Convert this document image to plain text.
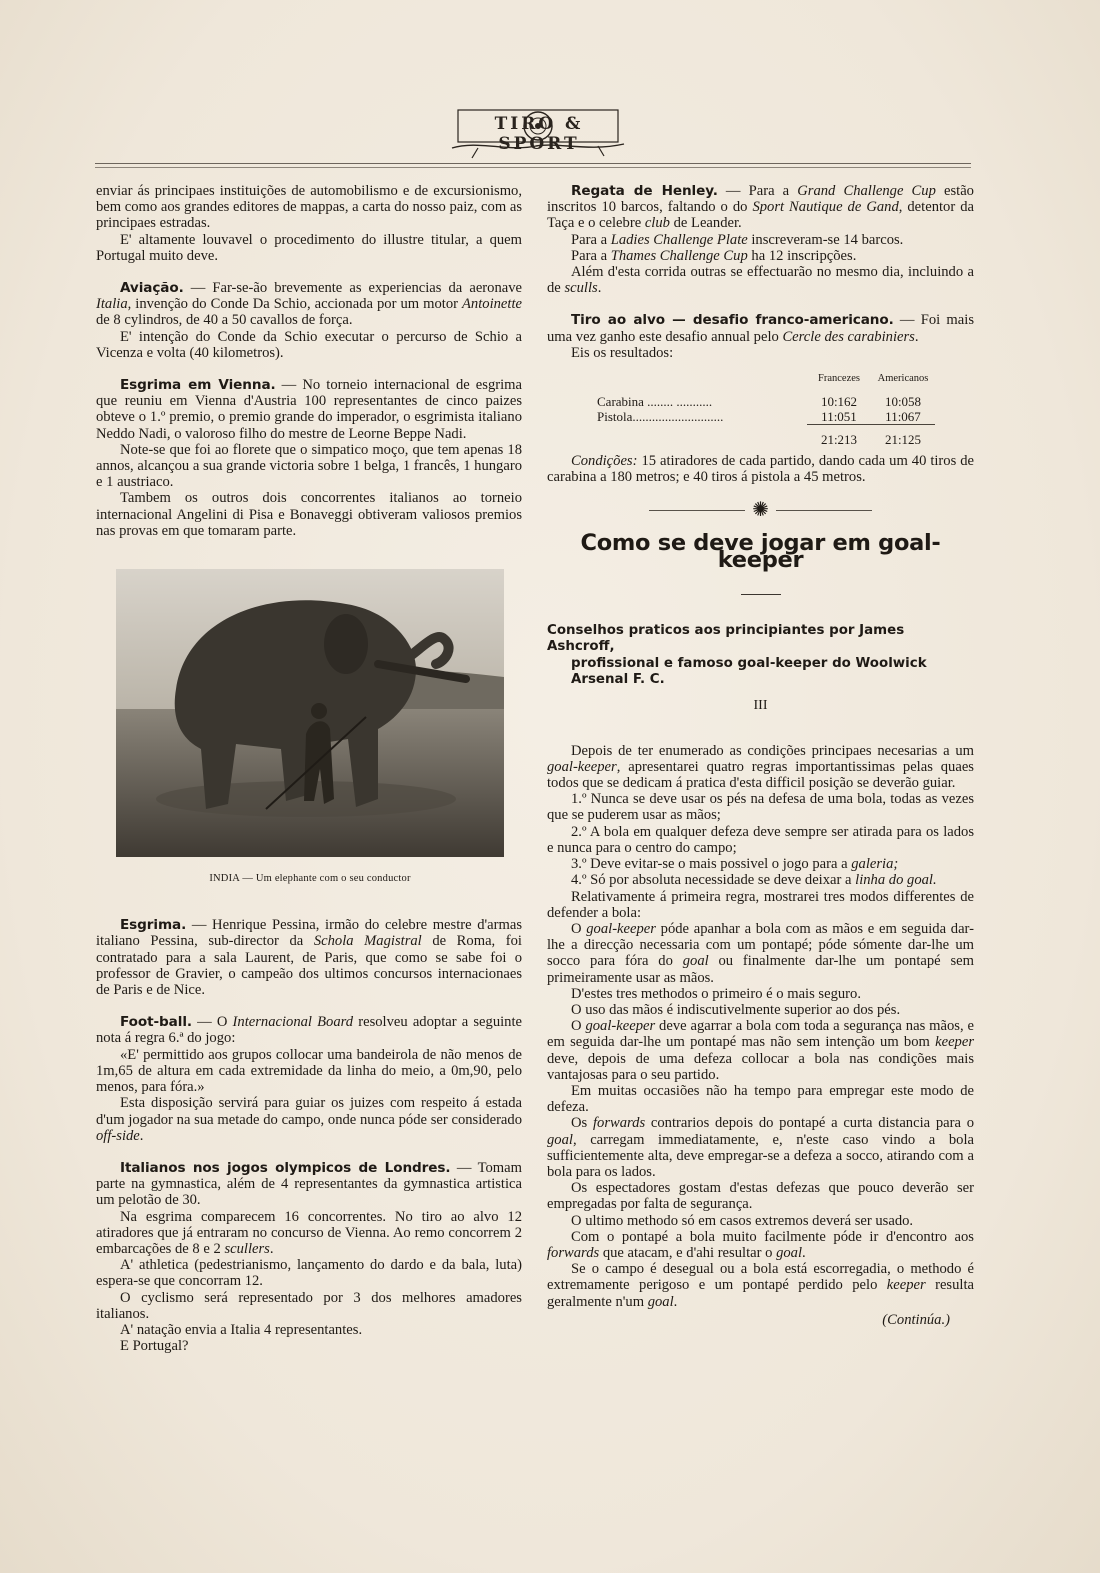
TIRO & SPORT

enviar ás principaes instituições de automobilismo e de excursionismo, bem como aos grandes editores de mappas, a carta do nosso paiz, com as principaes estradas.

E' altamente louvavel o procedimento do illustre titular, a quem Portugal muito deve.

Aviação. — Far-se-ão brevemente as experiencias da aeronave Italia, invenção do Conde Da Schio, accionada por um motor Antoinette de 8 cylindros, de 40 a 50 cavallos de força.

E' intenção do Conde da Schio executar o percurso de Schio a Vicenza e volta (40 kilometros).

Esgrima em Vienna. — No torneio internacional de esgrima que reuniu em Vienna d'Austria 100 representantes de cinco paizes obteve o 1.º premio, o premio grande do imperador, o esgrimista italiano Neddo Nadi, o valoroso filho do mestre de Leorne Beppe Nadi.

Note-se que foi ao florete que o simpatico moço, que tem apenas 18 annos, alcançou a sua grande victoria sobre 1 belga, 1 francês, 1 hungaro e 1 austriaco.

Tambem os outros dois concorrentes italianos ao torneio internacional Angelini di Pisa e Bonaveggi obtiveram valiosos premios nas provas em que tomaram parte.

INDIA — Um elephante com o seu conductor

Esgrima. — Henrique Pessina, irmão do celebre mestre d'armas italiano Pessina, sub-director da Schola Magistral de Roma, foi contratado para a sala Laurent, de Paris, que como se sabe foi o professor de Gravier, o campeão dos ultimos concursos internacionaes de Paris e de Nice.

Foot-ball. — O Internacional Board resolveu adoptar a seguinte nota á regra 6.ª do jogo:

«E' permittido aos grupos collocar uma bandeirola de não menos de 1m,65 de altura em cada extremidade da linha do meio, a 0m,90, pelo menos, para fóra.»

Esta disposição servirá para guiar os juizes com respeito á estada d'um jogador na sua metade do campo, onde nunca póde ser considerado off-side.

Italianos nos jogos olympicos de Londres. — Tomam parte na gymnastica, além de 4 representantes da gymnastica artistica um pelotão de 30.

Na esgrima comparecem 16 concorrentes. No tiro ao alvo 12 atiradores que já entraram no concurso de Vienna. Ao remo concorrem 2 embarcações de 8 e 2 scullers.

A' athletica (pedestrianismo, lançamento do dardo e da bala, luta) espera-se que concorram 12.

O cyclismo será representado por 3 dos melhores amadores italianos.

A' natação envia a Italia 4 representantes.

E Portugal?

Regata de Henley. — Para a Grand Challenge Cup estão inscritos 10 barcos, faltando o do Sport Nautique de Gand, detentor da Taça e o celebre club de Leander.

Para a Ladies Challenge Plate inscreveram-se 14 barcos.

Para a Thames Challenge Cup ha 12 inscripções.

Além d'esta corrida outras se effectuarão no mesmo dia, incluindo a de sculls.

Tiro ao alvo — desafio franco-americano. — Foi mais uma vez ganho este desafio annual pelo Cercle des carabiniers.

Eis os resultados:

	Francezes	Americanos
Carabina ........ ...........	10:162	10:058
Pistola............................	11:051	11:067
	21:213	21:125

Condições: 15 atiradores de cada partido, dando cada um 40 tiros de carabina a 180 metros; e 40 tiros á pistola a 45 metros.

✺
Como se deve jogar em goal-keeper
Conselhos praticos aos principiantes por James Ashcroff,
profissional e famoso goal-keeper do Woolwick Arsenal F. C.
III

Depois de ter enumerado as condições principaes necesarias a um goal-keeper, apresentarei quatro regras importantissimas pelas quaes todos que se dedicam á pratica d'esta difficil posição se deverão guiar.

1.º Nunca se deve usar os pés na defesa de uma bola, todas as vezes que se puderem usar as mãos;

2.º A bola em qualquer defeza deve sempre ser atirada para os lados e nunca para o centro do campo;

3.º Deve evitar-se o mais possivel o jogo para a galeria;

4.º Só por absoluta necessidade se deve deixar a linha do goal.

Relativamente á primeira regra, mostrarei tres modos differentes de defender a bola:

O goal-keeper póde apanhar a bola com as mãos e em seguida dar-lhe a direcção necessaria com um pontapé; póde sómente dar-lhe um socco para fóra do goal ou finalmente dar-lhe um pontapé sem primeiramente usar as mãos.

D'estes tres methodos o primeiro é o mais seguro.

O uso das mãos é indiscutivelmente superior ao dos pés.

O goal-keeper deve agarrar a bola com toda a segurança nas mãos, e em seguida dar-lhe um pontapé mas não sem intenção um bom keeper deve, depois de uma defeza collocar a bola nas condições mais vantajosas para o seu partido.

Em muitas occasiões não ha tempo para empregar este modo de defeza.

Os forwards contrarios depois do pontapé a curta distancia para o goal, carregam immediatamente, e, n'este caso vindo a bola sufficientemente alta, deve empregar-se a defeza a socco, atirando com a bola para os lados.

Os espectadores gostam d'estas defezas que pouco deverão ser empregadas por falta de segurança.

O ultimo methodo só em casos extremos deverá ser usado.

Com o pontapé a bola muito facilmente póde ir d'encontro aos forwards que atacam, e d'ahi resultar o goal.

Se o campo é desegual ou a bola está escorregadia, o methodo é extremamente perigoso e um pontapé perdido pelo keeper resulta geralmente n'um goal.

(Continúa.)
